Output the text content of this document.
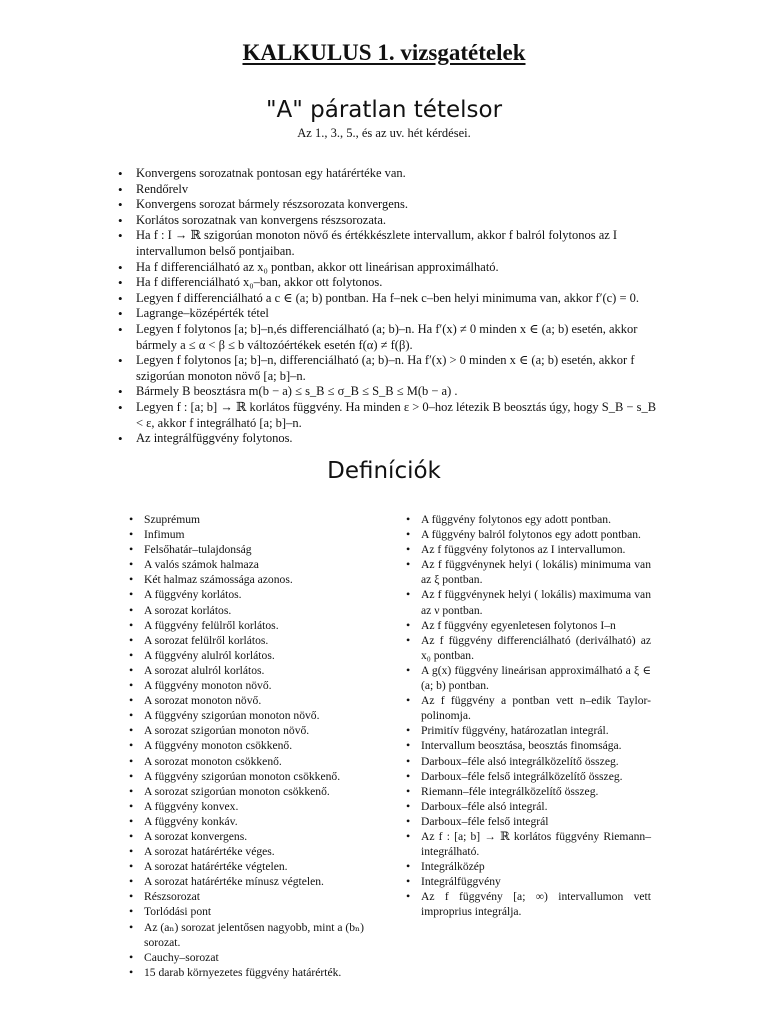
KALKULUS 1. vizsgatételek
"A" páratlan tételsor

Az 1., 3., 5., és az uv. hét kérdései.

• Konvergens sorozatnak pontosan egy határértéke van.
• Rendőrelv
• Konvergens sorozat bármely részsorozata konvergens.
• Korlátos sorozatnak van konvergens részsorozata.
• Ha f : I → ℝ szigorúan monoton növő és értékkészlete intervallum, akkor f balról folytonos az I intervallumon belső pontjaiban.
• Ha f differenciálható az x₀ pontban, akkor ott lineárisan approximálható.
• Ha f differenciálható x₀–ban, akkor ott folytonos.
• Legyen f differenciálható a c ∈ (a; b) pontban. Ha f–nek c–ben helyi minimuma van, akkor f′(c) = 0.
• Lagrange–középérték tétel
• Legyen f folytonos [a; b]–n,és differenciálható (a; b)–n. Ha f′(x) ≠ 0 minden x ∈ (a; b) esetén, akkor bármely a ≤ α < β ≤ b változóértékek esetén f(α) ≠ f(β).
• Legyen f folytonos [a; b]–n, differenciálható (a; b)–n. Ha f′(x) > 0 minden x ∈ (a; b) esetén, akkor f szigorúan monoton növő [a; b]–n.
• Bármely B beosztásra m(b − a) ≤ s_B ≤ σ_B ≤ S_B ≤ M(b − a) .
• Legyen f : [a; b] → ℝ korlátos függvény. Ha minden ε > 0–hoz létezik B beosztás úgy, hogy S_B − s_B < ε, akkor f integrálható [a; b]–n.
• Az integrálfüggvény folytonos.
Definíciók
• Szuprémum
• Infimum
• Felsőhatár–tulajdonság
• A valós számok halmaza
• Két halmaz számossága azonos.
• A függvény korlátos.
• A sorozat korlátos.
• A függvény felülről korlátos.
• A sorozat felülről korlátos.
• A függvény alulról korlátos.
• A sorozat alulról korlátos.
• A függvény monoton növő.
• A sorozat monoton növő.
• A függvény szigorúan monoton növő.
• A sorozat szigorúan monoton növő.
• A függvény monoton csökkenő.
• A sorozat monoton csökkenő.
• A függvény szigorúan monoton csökkenő.
• A sorozat szigorúan monoton csökkenő.
• A függvény konvex.
• A függvény konkáv.
• A sorozat konvergens.
• A sorozat határértéke véges.
• A sorozat határértéke végtelen.
• A sorozat határértéke mínusz végtelen.
• Részsorozat
• Torlódási pont
• Az (aₙ) sorozat jelentősen nagyobb, mint a (bₙ) sorozat.
• Cauchy–sorozat
• 15 darab környezetes függvény határérték.
• A függvény folytonos egy adott pontban.
• A függvény balról folytonos egy adott pontban.
• Az f függvény folytonos az I intervallumon.
• Az f függvénynek helyi ( lokális) minimuma van az ξ pontban.
• Az f függvénynek helyi ( lokális) maximuma van az ν pontban.
• Az f függvény egyenletesen folytonos I–n
• Az f függvény differenciálható (deriválható) az x₀ pontban.
• A g(x) függvény lineárisan approximálható a ξ ∈ (a; b) pontban.
• Az f függvény a pontban vett n–edik Taylor-polinomja.
• Primitív függvény, határozatlan integrál.
• Intervallum beosztása, beosztás finomsága.
• Darboux–féle alsó integrálközelítő összeg.
• Darboux–féle felső integrálközelítő összeg.
• Riemann–féle integrálközelítő összeg.
• Darboux–féle alsó integrál.
• Darboux–féle felső integrál
• Az f : [a; b] → ℝ korlátos függvény Riemann–integrálható.
• Integrálközép
• Integrálfüggvény
• Az f függvény [a; ∞) intervallumon vett improprius integrálja.
